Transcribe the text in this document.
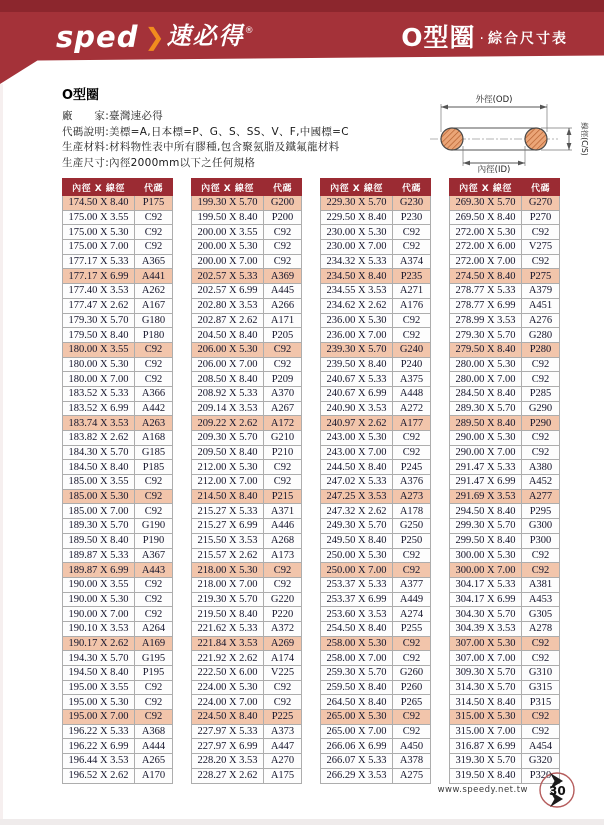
sped ❯速必得®	O型圈 · 綜合尺寸表

O型圈

廠　　家:臺灣速必得

代碼說明:美標=A,日本標=P、G、S、SS、V、F,中國標=C

生產材料:材料物性表中所有膠種,包含聚氨脂及鐵氟龍材料

生產尺寸:內徑2000mm以下之任何規格

外徑(OD)
內徑(ID)
線徑(C/S)
內徑 X 線徑	代碼
174.50 X 8.40	P175
175.00 X 3.55	C92
175.00 X 5.30	C92
175.00 X 7.00	C92
177.17 X 5.33	A365
177.17 X 6.99	A441
177.40 X 3.53	A262
177.47 X 2.62	A167
179.30 X 5.70	G180
179.50 X 8.40	P180
180.00 X 3.55	C92
180.00 X 5.30	C92
180.00 X 7.00	C92
183.52 X 5.33	A366
183.52 X 6.99	A442
183.74 X 3.53	A263
183.82 X 2.62	A168
184.30 X 5.70	G185
184.50 X 8.40	P185
185.00 X 3.55	C92
185.00 X 5.30	C92
185.00 X 7.00	C92
189.30 X 5.70	G190
189.50 X 8.40	P190
189.87 X 5.33	A367
189.87 X 6.99	A443
190.00 X 3.55	C92
190.00 X 5.30	C92
190.00 X 7.00	C92
190.10 X 3.53	A264
190.17 X 2.62	A169
194.30 X 5.70	G195
194.50 X 8.40	P195
195.00 X 3.55	C92
195.00 X 5.30	C92
195.00 X 7.00	C92
196.22 X 5.33	A368
196.22 X 6.99	A444
196.44 X 3.53	A265
196.52 X 2.62	A170
內徑 X 線徑	代碼
199.30 X 5.70	G200
199.50 X 8.40	P200
200.00 X 3.55	C92
200.00 X 5.30	C92
200.00 X 7.00	C92
202.57 X 5.33	A369
202.57 X 6.99	A445
202.80 X 3.53	A266
202.87 X 2.62	A171
204.50 X 8.40	P205
206.00 X 5.30	C92
206.00 X 7.00	C92
208.50 X 8.40	P209
208.92 X 5.33	A370
209.14 X 3.53	A267
209.22 X 2.62	A172
209.30 X 5.70	G210
209.50 X 8.40	P210
212.00 X 5.30	C92
212.00 X 7.00	C92
214.50 X 8.40	P215
215.27 X 5.33	A371
215.27 X 6.99	A446
215.50 X 3.53	A268
215.57 X 2.62	A173
218.00 X 5.30	C92
218.00 X 7.00	C92
219.30 X 5.70	G220
219.50 X 8.40	P220
221.62 X 5.33	A372
221.84 X 3.53	A269
221.92 X 2.62	A174
222.50 X 6.00	V225
224.00 X 5.30	C92
224.00 X 7.00	C92
224.50 X 8.40	P225
227.97 X 5.33	A373
227.97 X 6.99	A447
228.20 X 3.53	A270
228.27 X 2.62	A175
內徑 X 線徑	代碼
229.30 X 5.70	G230
229.50 X 8.40	P230
230.00 X 5.30	C92
230.00 X 7.00	C92
234.32 X 5.33	A374
234.50 X 8.40	P235
234.55 X 3.53	A271
234.62 X 2.62	A176
236.00 X 5.30	C92
236.00 X 7.00	C92
239.30 X 5.70	G240
239.50 X 8.40	P240
240.67 X 5.33	A375
240.67 X 6.99	A448
240.90 X 3.53	A272
240.97 X 2.62	A177
243.00 X 5.30	C92
243.00 X 7.00	C92
244.50 X 8.40	P245
247.02 X 5.33	A376
247.25 X 3.53	A273
247.32 X 2.62	A178
249.30 X 5.70	G250
249.50 X 8.40	P250
250.00 X 5.30	C92
250.00 X 7.00	C92
253.37 X 5.33	A377
253.37 X 6.99	A449
253.60 X 3.53	A274
254.50 X 8.40	P255
258.00 X 5.30	C92
258.00 X 7.00	C92
259.30 X 5.70	G260
259.50 X 8.40	P260
264.50 X 8.40	P265
265.00 X 5.30	C92
265.00 X 7.00	C92
266.06 X 6.99	A450
266.07 X 5.33	A378
266.29 X 3.53	A275
內徑 X 線徑	代碼
269.30 X 5.70	G270
269.50 X 8.40	P270
272.00 X 5.30	C92
272.00 X 6.00	V275
272.00 X 7.00	C92
274.50 X 8.40	P275
278.77 X 5.33	A379
278.77 X 6.99	A451
278.99 X 3.53	A276
279.30 X 5.70	G280
279.50 X 8.40	P280
280.00 X 5.30	C92
280.00 X 7.00	C92
284.50 X 8.40	P285
289.30 X 5.70	G290
289.50 X 8.40	P290
290.00 X 5.30	C92
290.00 X 7.00	C92
291.47 X 5.33	A380
291.47 X 6.99	A452
291.69 X 3.53	A277
294.50 X 8.40	P295
299.30 X 5.70	G300
299.50 X 8.40	P300
300.00 X 5.30	C92
300.00 X 7.00	C92
304.17 X 5.33	A381
304.17 X 6.99	A453
304.30 X 5.70	G305
304.39 X 3.53	A278
307.00 X 5.30	C92
307.00 X 7.00	C92
309.30 X 5.70	G310
314.30 X 5.70	G315
314.50 X 8.40	P315
315.00 X 5.30	C92
315.00 X 7.00	C92
316.87 X 6.99	A454
319.30 X 5.70	G320
319.50 X 8.40	P320
www.speedy.net.tw 30
